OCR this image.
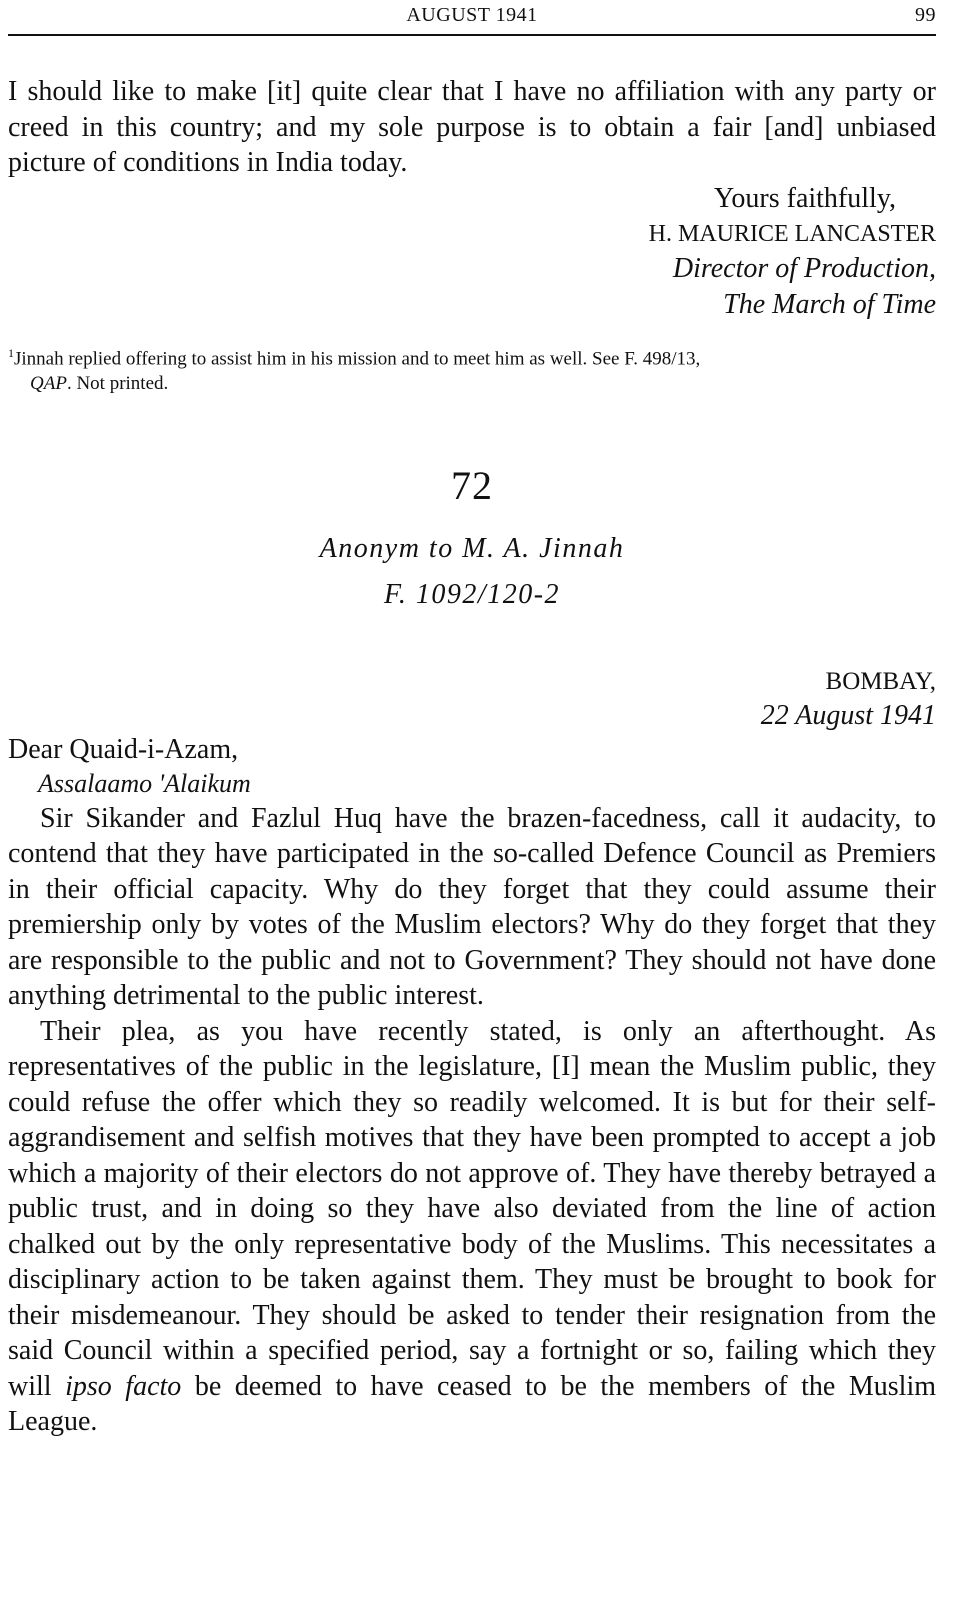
AUGUST 1941	99

I should like to make [it] quite clear that I have no affiliation with any party or creed in this country; and my sole purpose is to obtain a fair [and] unbiased picture of conditions in India today.

Yours faithfully,
H. MAURICE LANCASTER
Director of Production,
The March of Time
$^1$Jinnah replied offering to assist him in his mission and to meet him as well. See F. 498/13,
QAP. Not printed.
72
Anonym to M. A. Jinnah
F. 1092/120-2
BOMBAY,
22 August 1941
Dear Quaid-i-Azam,
Assalaamo 'Alaikum

Sir Sikander and Fazlul Huq have the brazen-facedness, call it audacity, to contend that they have participated in the so-called Defence Council as Premiers in their official capacity. Why do they forget that they could assume their premiership only by votes of the Muslim electors? Why do they forget that they are responsible to the public and not to Government? They should not have done anything detrimental to the public interest.

Their plea, as you have recently stated, is only an afterthought. As representatives of the public in the legislature, [I] mean the Muslim public, they could refuse the offer which they so readily welcomed. It is but for their self-aggrandisement and selfish motives that they have been prompted to accept a job which a majority of their electors do not approve of. They have thereby betrayed a public trust, and in doing so they have also deviated from the line of action chalked out by the only representative body of the Muslims. This necessitates a disciplinary action to be taken against them. They must be brought to book for their misdemeanour. They should be asked to tender their resignation from the said Council within a specified period, say a fortnight or so, failing which they will ipso facto be deemed to have ceased to be the members of the Muslim League.
